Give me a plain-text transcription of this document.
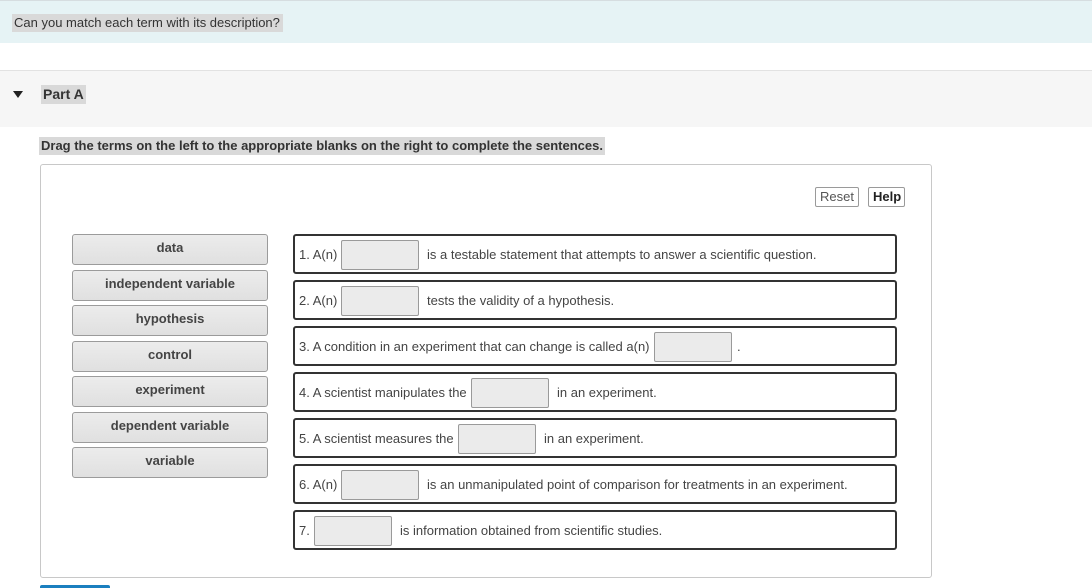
Can you match each term with its description?
Part A
Drag the terms on the left to the appropriate blanks on the right to complete the sentences.
Reset	Help
data
independent variable
hypothesis
control
experiment
dependent variable
variable
1. A(n)	is a testable statement that attempts to answer a scientific question.
2. A(n)	tests the validity of a hypothesis.
3. A condition in an experiment that can change is called a(n)	.
4. A scientist manipulates the	in an experiment.
5. A scientist measures the	in an experiment.
6. A(n)	is an unmanipulated point of comparison for treatments in an experiment.
7.	is information obtained from scientific studies.
